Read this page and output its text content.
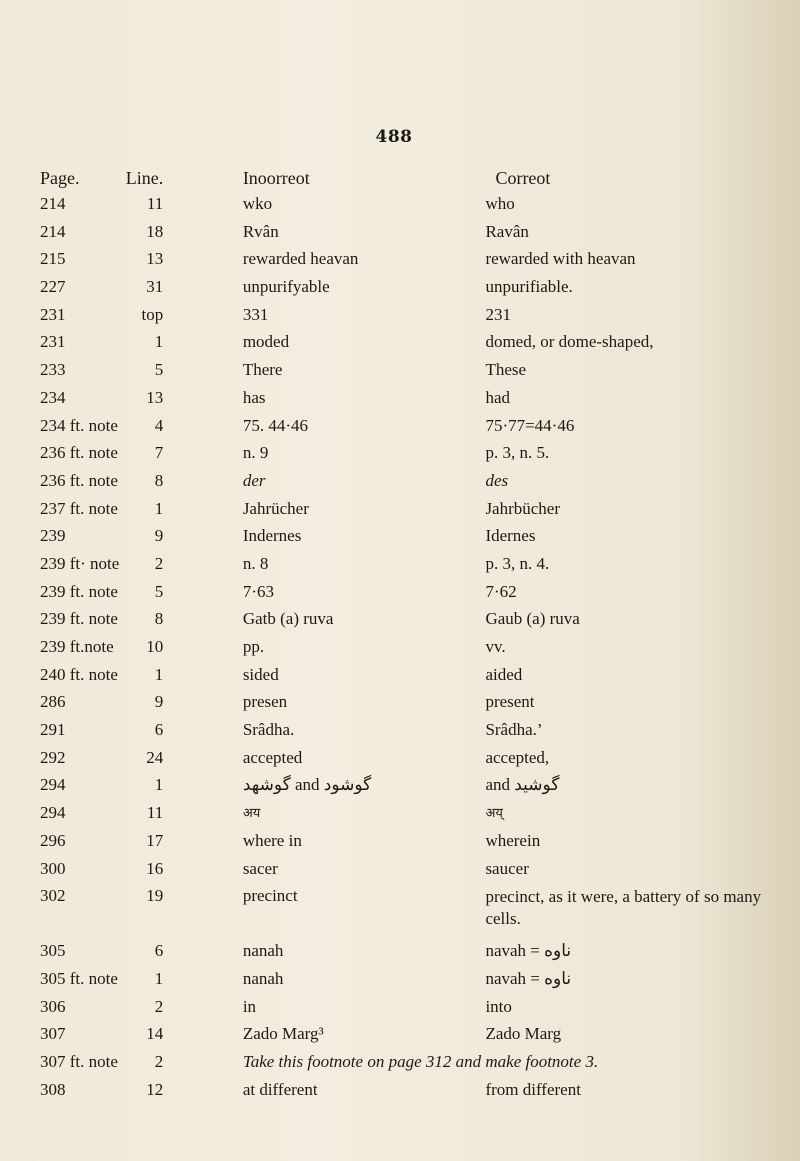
488
Page.	Line.		Inoorreot	Correot
214	11		wko	who
214	18		Rvân	Ravân
215	13		rewarded heavan	rewarded with heavan
227	31		unpurifyable	unpurifiable.
231	top		331	231
231	1		moded	domed, or dome-shaped,
233	5		There	These
234	13		has	had
234 ft. note	4		75. 44·46	75·77=44·46
236 ft. note	7		n. 9	p. 3, n. 5.
236 ft. note	8		der	des
237 ft. note	1		Jahrücher	Jahrbücher
239	9		Indernes	Idernes
239 ft· note	2		n. 8	p. 3, n. 4.
239 ft. note	5		7·63	7·62
239 ft. note	8		Gatb (a) ruva	Gaub (a) ruva
239 ft.note	10		pp.	vv.
240 ft. note	1		sided	aided
286	9		presen	present
291	6		Srâdha.	Srâdha.’
292	24		accepted	accepted,
294	1		ﮔﻮﺷﻬﺪ and ﮔﻮﺷﻮد	and ﮔﻮﺷﻴﺪ
294	11		अय	अय्
296	17		where in	wherein
300	16		sacer	saucer
302	19		precinct	precinct, as it were, a battery of so many cells.
305	6		nanah	navah = ﻧﺎوه
305 ft. note	1		nanah	navah = ﻧﺎوه
306	2		in	into
307	14		Zado Marg³	Zado Marg
307 ft. note	2		Take this footnote on page 312 and make footnote 3.	
308	12		at different	from different
